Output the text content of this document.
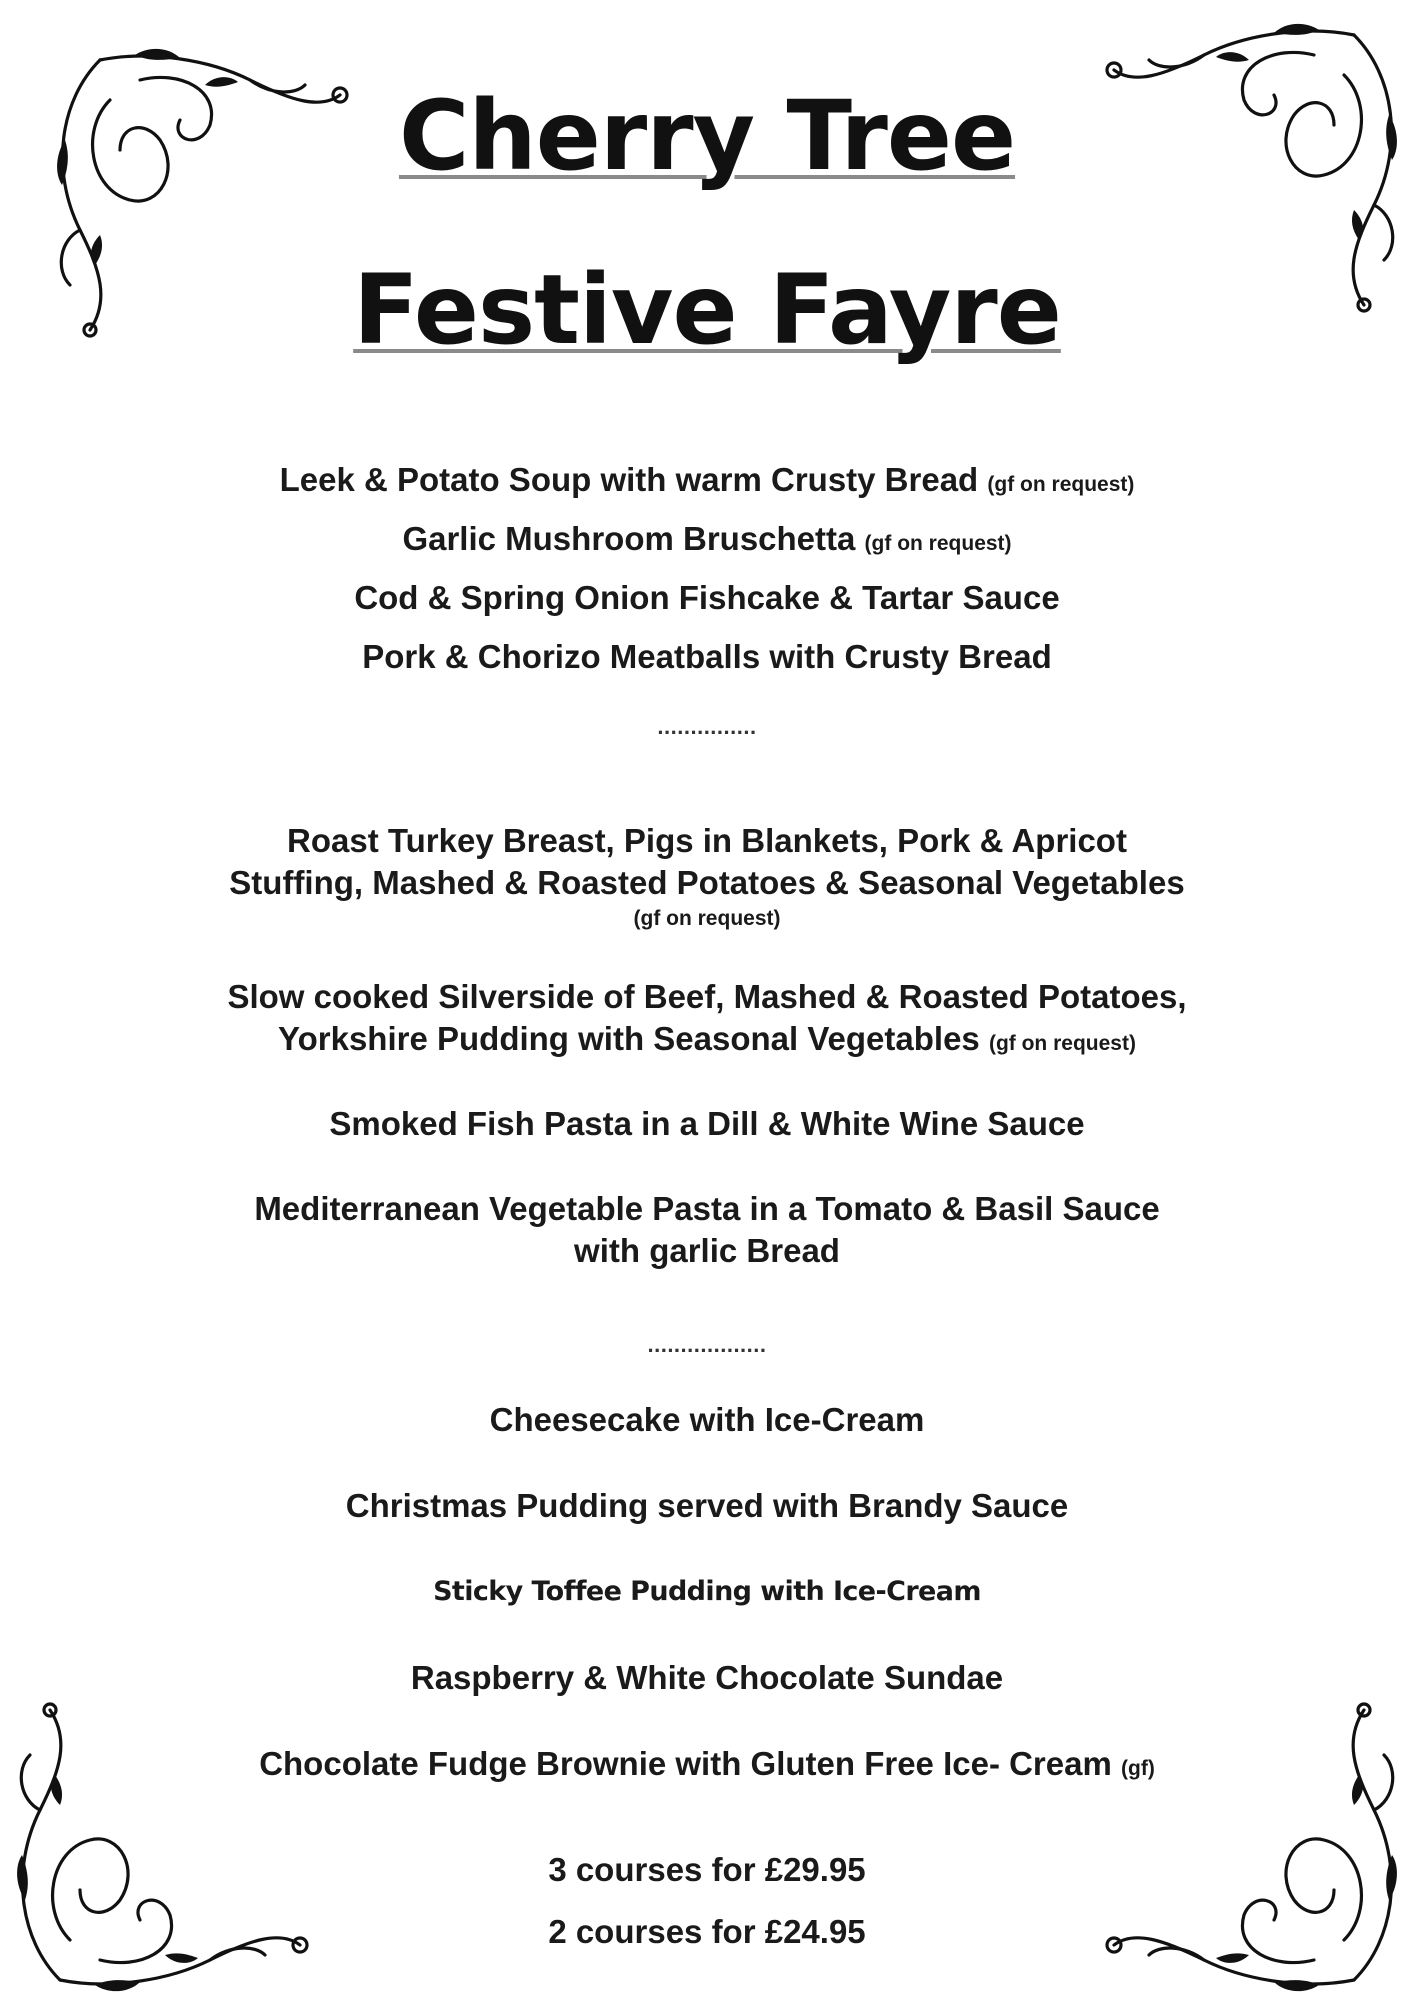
Cherry Tree
Festive Fayre
Leek & Potato Soup with warm Crusty Bread (gf on request)
Garlic Mushroom Bruschetta (gf on request)
Cod & Spring Onion Fishcake & Tartar Sauce
Pork & Chorizo Meatballs with Crusty Bread
...............
Roast Turkey Breast, Pigs in Blankets, Pork & Apricot
Stuffing, Mashed & Roasted Potatoes & Seasonal Vegetables
(gf on request)
Slow cooked Silverside of Beef, Mashed & Roasted Potatoes,
Yorkshire Pudding with Seasonal Vegetables (gf on request)
Smoked Fish Pasta in a Dill & White Wine Sauce
Mediterranean Vegetable Pasta in a Tomato & Basil Sauce
with garlic Bread
..................
Cheesecake with Ice-Cream
Christmas Pudding served with Brandy Sauce
Sticky Toffee Pudding with Ice-Cream
Raspberry & White Chocolate Sundae
Chocolate Fudge Brownie with Gluten Free Ice- Cream (gf)
3 courses for £29.95
2 courses for £24.95
